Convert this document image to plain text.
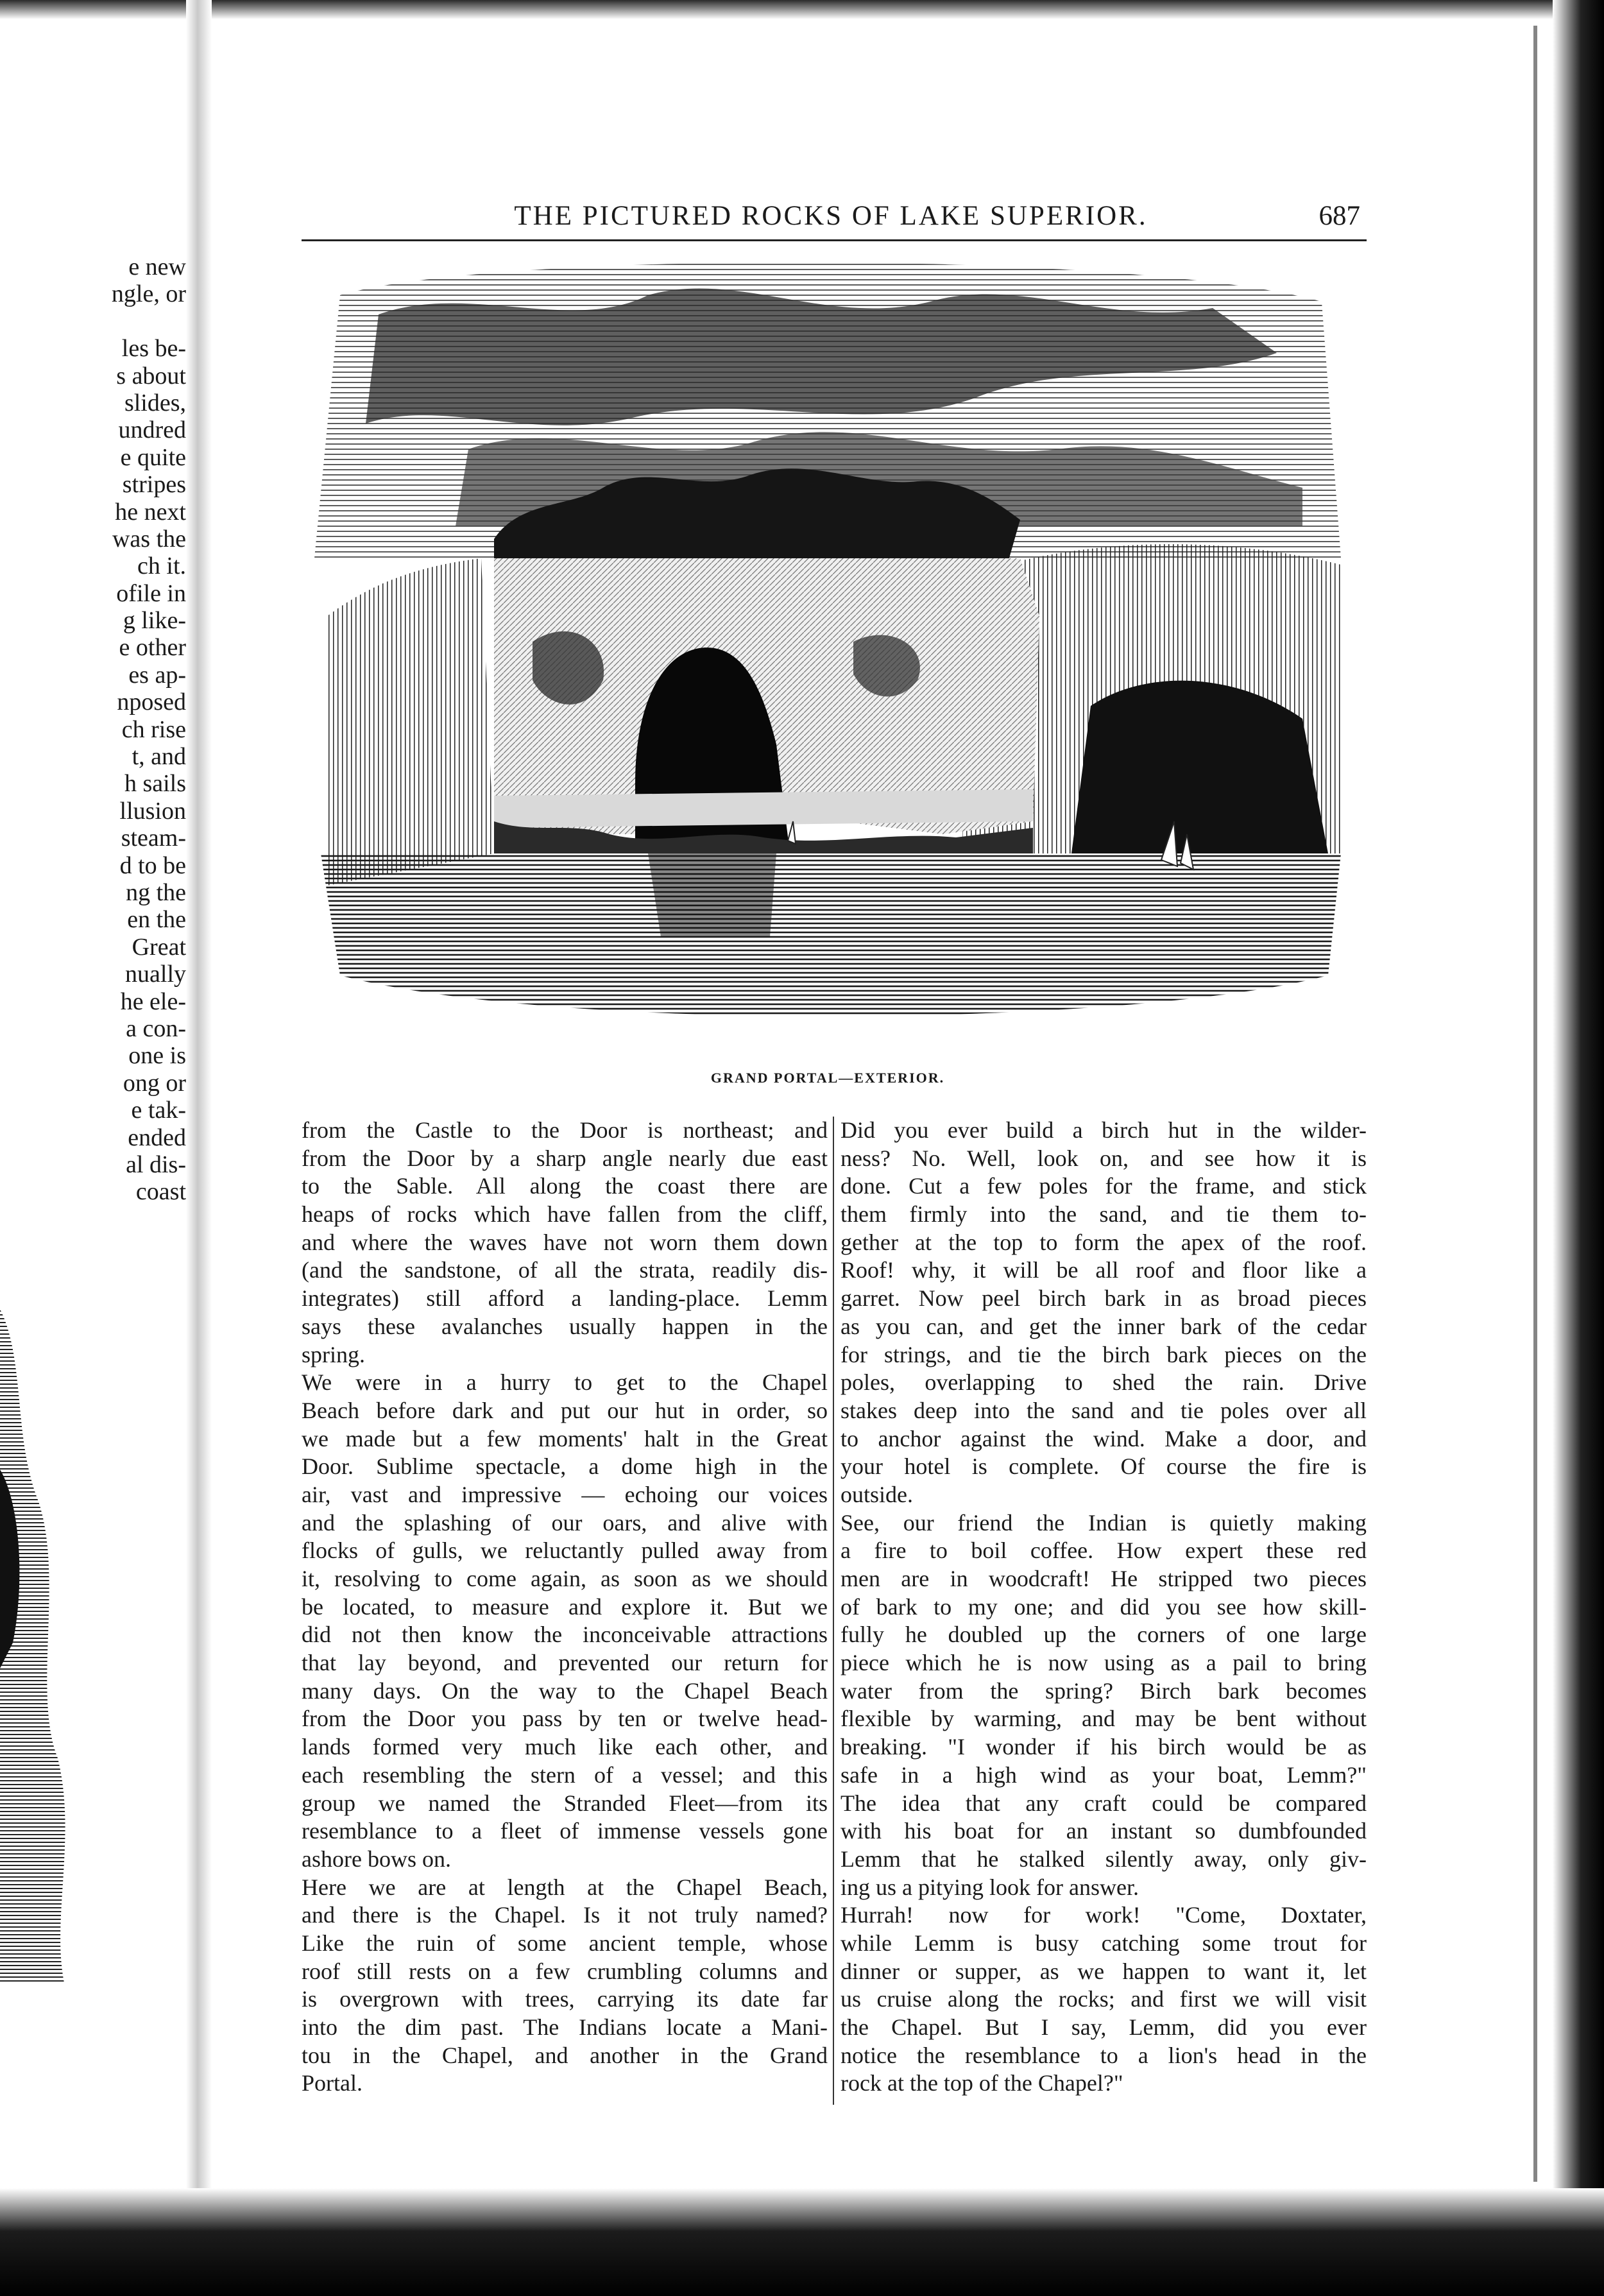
e new
ngle, or
les be-
s about
slides,
undred
e quite
stripes
he next
was the
ch it.
ofile in
g like-
e other
es ap-
nposed
ch rise
t, and
h sails
llusion
steam-
d to be
ng the
en the
Great
nually
he ele-
a con-
one is
ong or
e tak-
ended
al dis-
coast
THE PICTURED ROCKS OF LAKE SUPERIOR.	687
GRAND PORTAL—EXTERIOR.
from the Castle to the Door is northeast; and
from the Door by a sharp angle nearly due east
to the Sable. All along the coast there are
heaps of rocks which have fallen from the cliff,
and where the waves have not worn them down
(and the sandstone, of all the strata, readily dis-
integrates) still afford a landing-place. Lemm
says these avalanches usually happen in the
spring.
We were in a hurry to get to the Chapel
Beach before dark and put our hut in order, so
we made but a few moments' halt in the Great
Door. Sublime spectacle, a dome high in the
air, vast and impressive — echoing our voices
and the splashing of our oars, and alive with
flocks of gulls, we reluctantly pulled away from
it, resolving to come again, as soon as we should
be located, to measure and explore it. But we
did not then know the inconceivable attractions
that lay beyond, and prevented our return for
many days. On the way to the Chapel Beach
from the Door you pass by ten or twelve head-
lands formed very much like each other, and
each resembling the stern of a vessel; and this
group we named the Stranded Fleet—from its
resemblance to a fleet of immense vessels gone
ashore bows on.
Here we are at length at the Chapel Beach,
and there is the Chapel. Is it not truly named?
Like the ruin of some ancient temple, whose
roof still rests on a few crumbling columns and
is overgrown with trees, carrying its date far
into the dim past. The Indians locate a Mani-
tou in the Chapel, and another in the Grand
Portal.
Did you ever build a birch hut in the wilder-
ness? No. Well, look on, and see how it is
done. Cut a few poles for the frame, and stick
them firmly into the sand, and tie them to-
gether at the top to form the apex of the roof.
Roof! why, it will be all roof and floor like a
garret. Now peel birch bark in as broad pieces
as you can, and get the inner bark of the cedar
for strings, and tie the birch bark pieces on the
poles, overlapping to shed the rain. Drive
stakes deep into the sand and tie poles over all
to anchor against the wind. Make a door, and
your hotel is complete. Of course the fire is
outside.
See, our friend the Indian is quietly making
a fire to boil coffee. How expert these red
men are in woodcraft! He stripped two pieces
of bark to my one; and did you see how skill-
fully he doubled up the corners of one large
piece which he is now using as a pail to bring
water from the spring? Birch bark becomes
flexible by warming, and may be bent without
breaking. "I wonder if his birch would be as
safe in a high wind as your boat, Lemm?"
The idea that any craft could be compared
with his boat for an instant so dumbfounded
Lemm that he stalked silently away, only giv-
ing us a pitying look for answer.
Hurrah! now for work! "Come, Doxtater,
while Lemm is busy catching some trout for
dinner or supper, as we happen to want it, let
us cruise along the rocks; and first we will visit
the Chapel. But I say, Lemm, did you ever
notice the resemblance to a lion's head in the
rock at the top of the Chapel?"
